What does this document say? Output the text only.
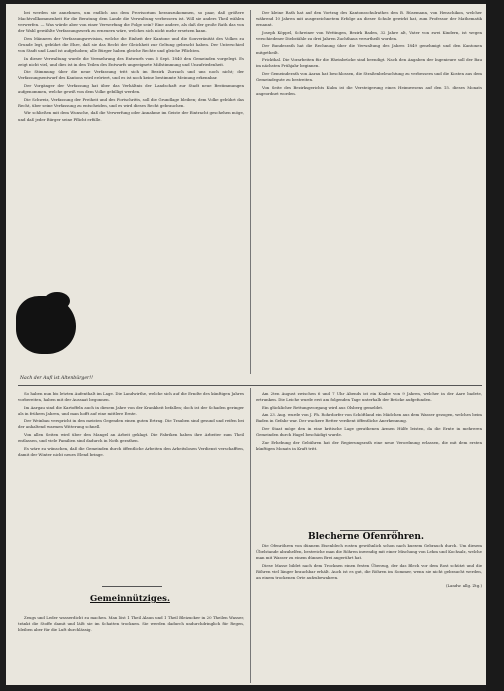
bei werden sie annehmen, um endlich aus dem Provisorium herauszukommen, so paar, daß größere Machtvollkommenheit für die Beratung dem Lande die Verwaltung verbessern ist. Will sie anders Theil wählen verwerfen. — Was würde aber von einer Verwerfung die Folge sein? Eine andere, als daß der große Rath das von der Wahl gewählte Verfassungswerk zu erneuern wäre, welches sich nicht mehr ersetzen kann.

Den Männern der Verfassungsrevision, welche die Einheit der Kantone und die Souveränität des Volkes zu Grunde legt, gebührt die Ehre, daß sie das Recht der Gleichheit zur Geltung gebracht haben. Der Unterschied von Stadt und Land ist aufgehoben; alle Bürger haben gleiche Rechte und gleiche Pflichten.

In dieser Verwaltung wurde die Vermehrung des Entwurfs vom 5 Sept. 1840 den Gemeinden vorgelegt. Es zeigt nicht viel, und dies ist in den Teilen des Entwurfs ungeeignete Mißstimmung und Unzufriedenheit.

Die Stimmung über die neue Verfassung tritt sich im Bezirk Zurzach und uns noch nicht; der Verfassungsentwurf des Kantons wird erörtert, und es ist noch keine bestimmte Meinung erkennbar.

Der Vorgänger der Verfassung hat über das Verhältnis der Landschaft zur Stadt neue Bestimmungen aufgenommen, welche gewiß von dem Volke gebilligt werden.

Die Schweiz, Verfassung der Freiheit und des Fortschritts, soll die Grundlage bleiben; dem Volke gebührt das Recht, über seine Verfassung zu entscheiden, und es wird dieses Recht gebrauchen.

Wir schließen mit dem Wunsche, daß die Verwerfung oder Annahme im Geiste der Eintracht geschehen möge, und daß jeder Bürger seine Pflicht erfülle.

Der kleine Rath hat auf den Vortrag des Kantonsschulrathes den B. Rüsemann, von Henschikon, welcher während 10 Jahren mit ausgezeichnetem Erfolge an dieser Schule gewirkt hat, zum Professor der Mathematik ernannt.

Joseph Köppel, Schreiner von Wettingen, Bezirk Baden, 32 Jahre alt, Vater von zwei Kindern, ist wegen verschiedener Diebstähle zu drei Jahren Zuchthaus verurtheilt worden.

Der Bundesrath hat die Rechnung über die Verwaltung des Jahres 1849 genehmigt und den Kantonen mitgetheilt.

Frickthal. Die Vorarbeiten für die Rheinbrücke sind beendigt. Nach den Angaben der Ingenieure soll der Bau im nächsten Frühjahr beginnen.

Der Gemeinderath von Aarau hat beschlossen, die Straßenbeleuchtung zu verbessern und die Kosten aus dem Gemeindegute zu bestreiten.

Von Seite des Bezirksgerichts Kulm ist die Versteigerung eines Heimwesens auf den 15. dieses Monats angeordnet worden.

Nach der Aufl ist Altenbürger!!

So haben nun bis letzten Aufenthalt im Lage. Die Landwirthe, welche sich auf die Erndte des künftigen Jahres vorbereiten, haben mit der Aussaat begonnen.

Im Aargau sind die Kartoffeln auch in diesem Jahre von der Krankheit befallen; doch ist der Schaden geringer als in frühern Jahren, und man hofft auf eine mittlere Ernte.

Der Weinbau verspricht in den meisten Gegenden einen guten Ertrag. Die Trauben sind gesund und reifen bei der anhaltend warmen Witterung schnell.

Von allen Seiten wird über den Mangel an Arbeit geklagt. Die Fabriken haben ihre Arbeiter zum Theil entlassen, und viele Familien sind dadurch in Noth gerathen.

Es wäre zu wünschen, daß die Gemeinden durch öffentliche Arbeiten den Arbeitslosen Verdienst verschafften, damit der Winter nicht neues Elend bringe.

Gemeinnütziges.

Zeugs und Leder wasserdicht zu machen. Man löst 1 Theil Alaun und 1 Theil Bleizucker in 20 Theilen Wasser, tränkt die Stoffe damit und läßt sie im Schatten trocknen. Sie werden dadurch undurchdringlich für Regen, bleiben aber für die Luft durchlässig.

Am 2ten August zwischen 6 und 7 Uhr Abends ist ein Knabe von 9 Jahren, welcher in der Aare badete, ertrunken. Die Leiche wurde erst am folgenden Tage unterhalb der Brücke aufgefunden.

Ein glücklicher Rettungsvorgang wird aus Olsberg gemeldet.

Am 23. Aug. wurde von J. Ph. Rohrdorfer von Schöftland ein Mädchen aus dem Wasser gezogen, welches beim Baden in Gefahr war. Der wackere Retter verdient öffentliche Anerkennung.

Der Staat möge den in eine kritische Lage gerathenen Armen Hülfe leisten, da die Ernte in mehreren Gemeinden durch Hagel beschädigt wurde.

Zur Erhebung der Gebühren hat der Regierungsrath eine neue Verordnung erlassen, die mit dem ersten künftigen Monats in Kraft tritt.

Blecherne Ofenröhren.

Die Ofenröhren von dünnem Eisenblech rosten gewöhnlich schon nach kurzem Gebrauch durch. Um diesem Übelstande abzuhelfen, bestreiche man die Röhren inwendig mit einer Mischung von Lehm und Kochsalz, welche man mit Wasser zu einem dünnen Brei angerührt hat.

Diese Masse bildet nach dem Trocknen einen festen Überzug, der das Blech vor dem Rost schützt und die Röhren viel länger brauchbar erhält. Auch ist es gut, die Röhren im Sommer, wenn sie nicht gebraucht werden, an einem trockenen Orte aufzubewahren.

(Landw. allg. Ztg.)
